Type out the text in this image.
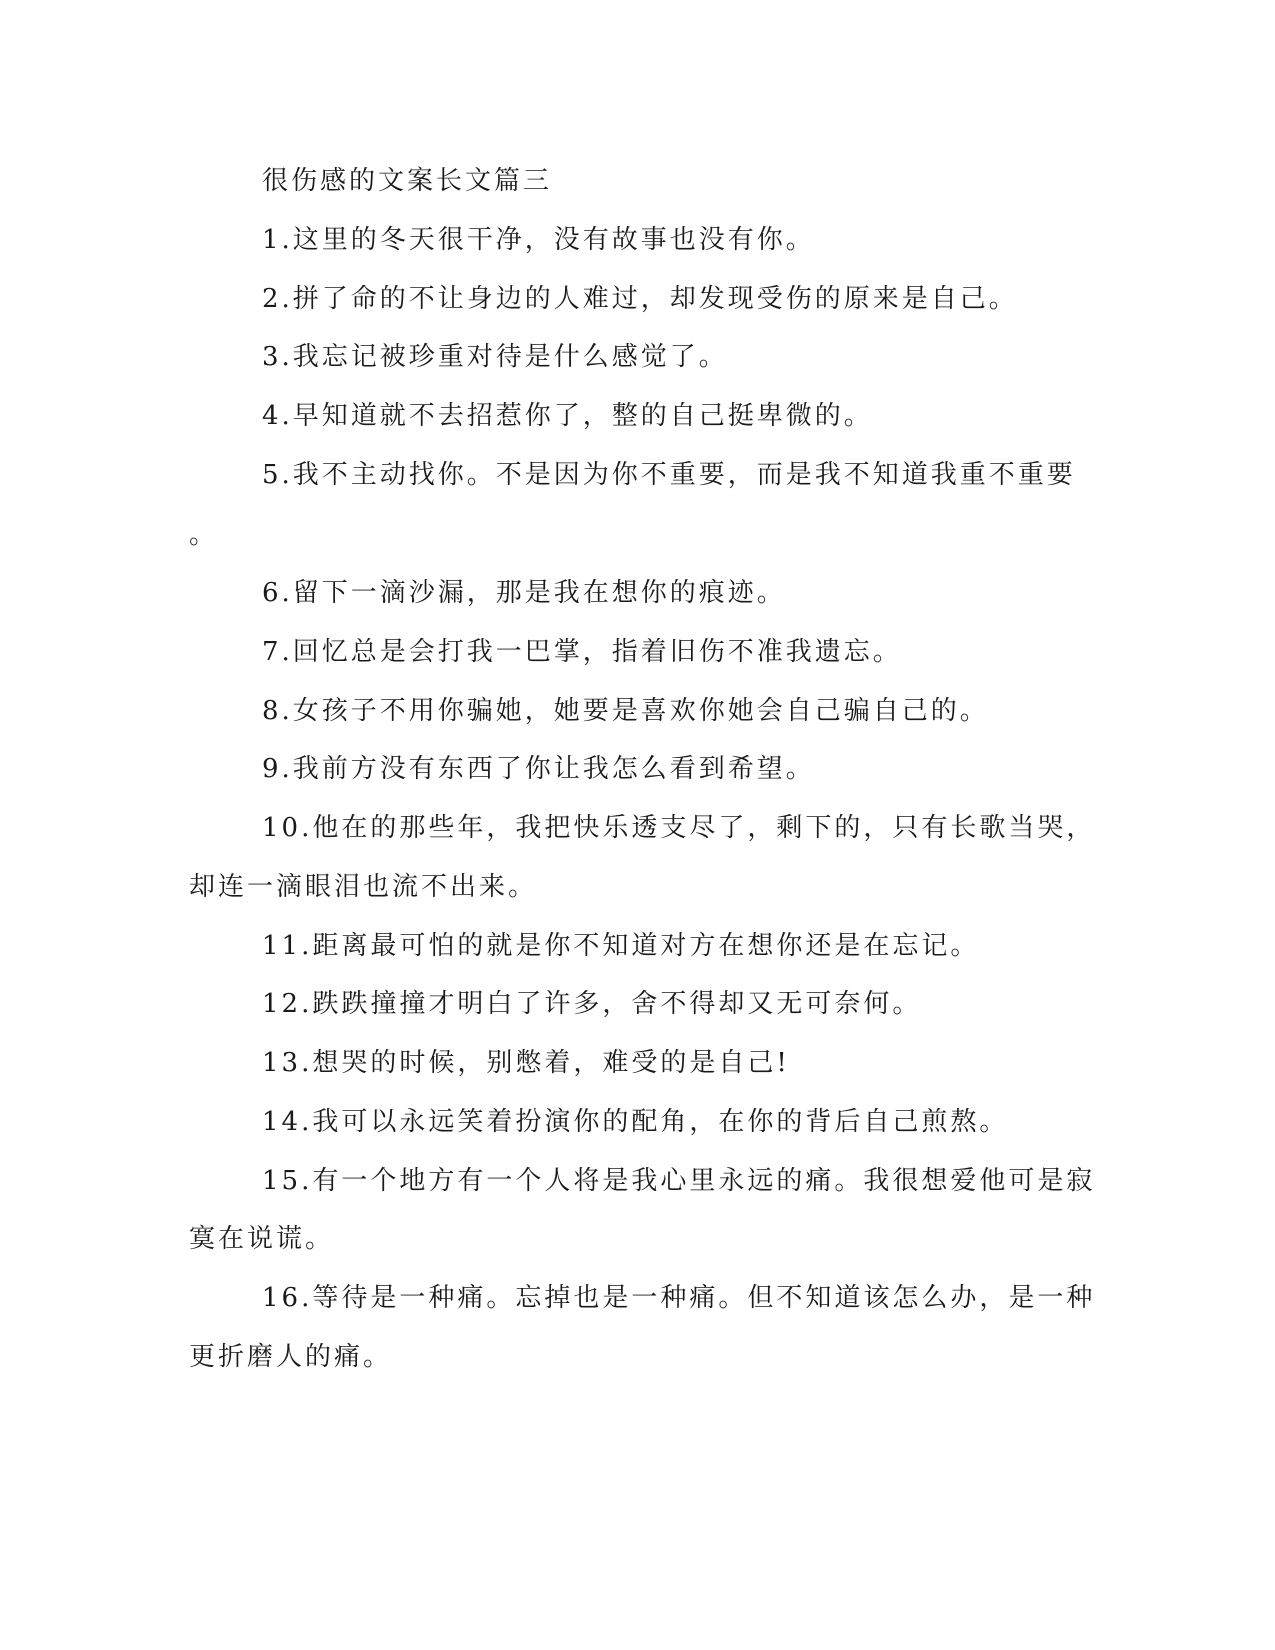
很伤感的文案长文篇三
1.这里的冬天很干净，没有故事也没有你。
2.拼了命的不让身边的人难过，却发现受伤的原来是自己。
3.我忘记被珍重对待是什么感觉了。
4.早知道就不去招惹你了，整的自己挺卑微的。
5.我不主动找你。不是因为你不重要，而是我不知道我重不重要
。
6.留下一滴沙漏，那是我在想你的痕迹。
7.回忆总是会打我一巴掌，指着旧伤不准我遗忘。
8.女孩子不用你骗她，她要是喜欢你她会自己骗自己的。
9.我前方没有东西了你让我怎么看到希望。
10.他在的那些年，我把快乐透支尽了，剩下的，只有长歌当哭，
却连一滴眼泪也流不出来。
11.距离最可怕的就是你不知道对方在想你还是在忘记。
12.跌跌撞撞才明白了许多，舍不得却又无可奈何。
13.想哭的时候，别憋着，难受的是自己!
14.我可以永远笑着扮演你的配角，在你的背后自己煎熬。
15.有一个地方有一个人将是我心里永远的痛。我很想爱他可是寂
寞在说谎。
16.等待是一种痛。忘掉也是一种痛。但不知道该怎么办，是一种
更折磨人的痛。
